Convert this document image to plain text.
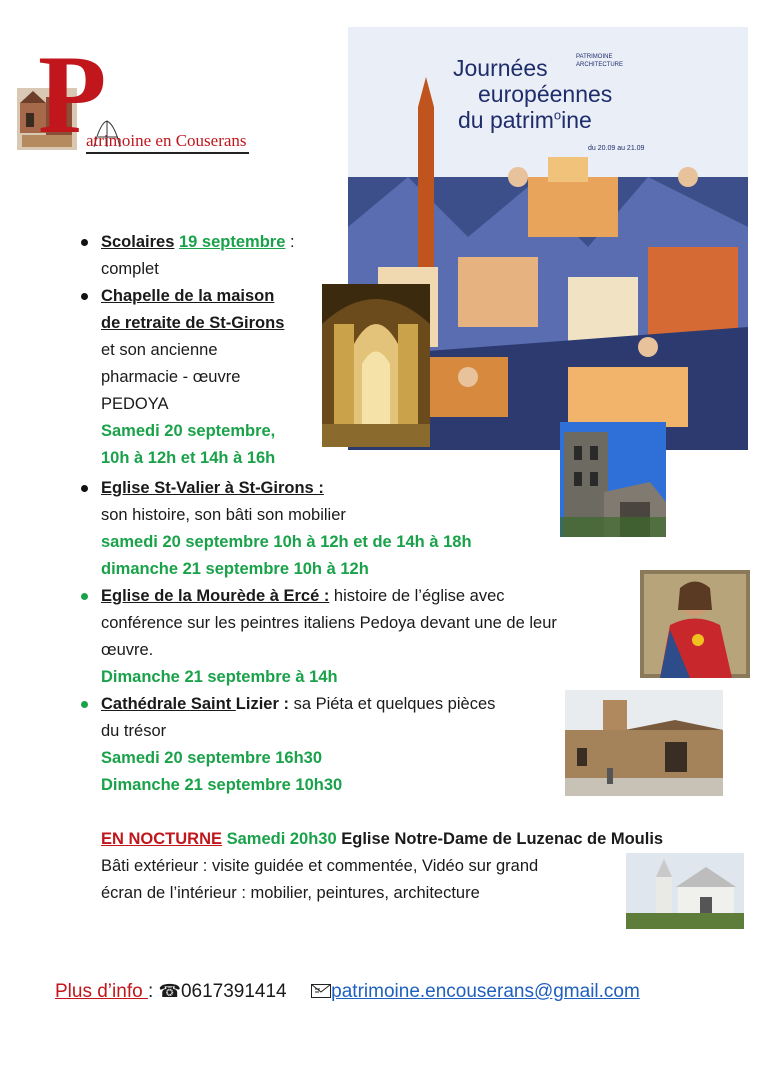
P
atrimoine en Couserans
Journées
européennes
du patrim$^o$ine
PATRIMOINE
ARCHITECTURE
du 20.09 au 21.09
Scolaires 19 septembre :
complet
Chapelle de la maison
de retraite de St-Girons
et son ancienne
pharmacie - œuvre
PEDOYA
Samedi 20 septembre,
10h à 12h et 14h à 16h
Eglise St-Valier à St-Girons :
son histoire, son bâti son mobilier
samedi 20 septembre 10h à 12h et de 14h à 18h
dimanche 21 septembre 10h à 12h
Eglise de la Mourède à Ercé : histoire de l’église avec
conférence sur les peintres italiens Pedoya devant une de leur
œuvre.
Dimanche 21 septembre à 14h
Cathédrale Saint Lizier : sa Piéta et quelques pièces
du trésor
Samedi 20 septembre 16h30
Dimanche 21 septembre 10h30
EN NOCTURNE Samedi 20h30 Eglise Notre-Dame de Luzenac de Moulis
Bâti extérieur : visite guidée et commentée, Vidéo sur grand
écran de l’intérieur : mobilier, peintures, architecture
Plus d’info : ☎0617391414 patrimoine.encouserans@gmail.com
